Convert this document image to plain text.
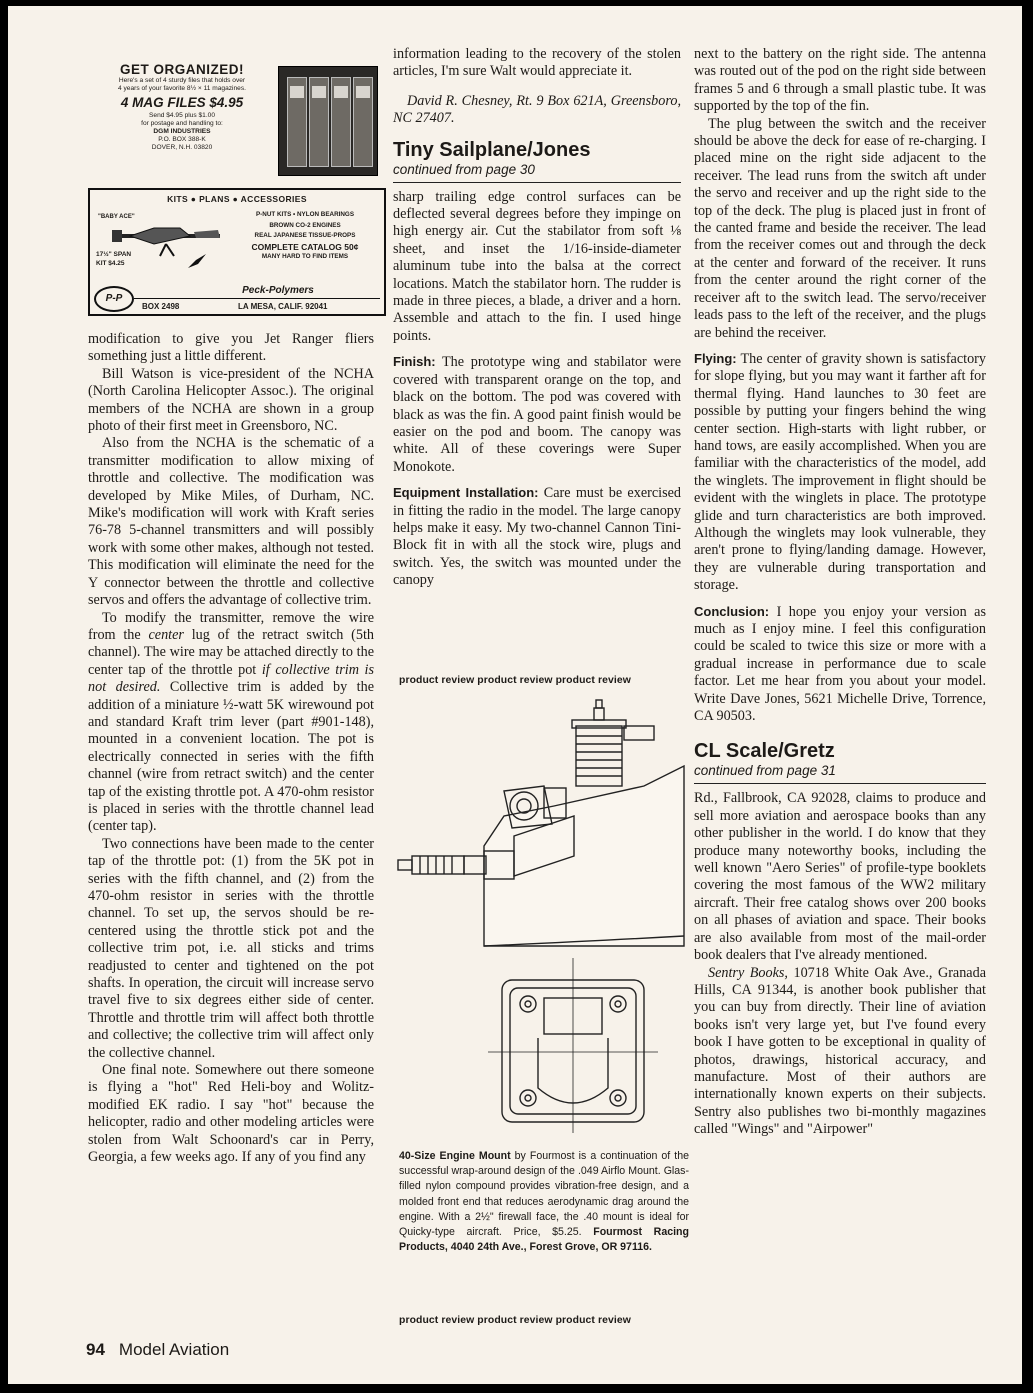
GET ORGANIZED!
Here's a set of 4 sturdy files that holds over
4 years of your favorite 8½ × 11 magazines.
4 MAG FILES $4.95
Send $4.95 plus $1.00
for postage and handling to:
DGM INDUSTRIES
P.O. BOX 388-K
DOVER, N.H. 03820
KITS ● PLANS ● ACCESSORIES
"BABY ACE"
17½" SPAN
KIT $4.25
P-NUT KITS • NYLON BEARINGS
BROWN CO-2 ENGINES
REAL JAPANESE TISSUE-PROPS
COMPLETE CATALOG 50¢
MANY HARD TO FIND ITEMS
P-P
Peck-Polymers
BOX 2498	LA MESA, CALIF. 92041

modification to give you Jet Ranger fliers something just a little different.

Bill Watson is vice-president of the NCHA (North Carolina Helicopter Assoc.). The original members of the NCHA are shown in a group photo of their first meet in Greensboro, NC.

Also from the NCHA is the schematic of a transmitter modification to allow mixing of throttle and collective. The modification was developed by Mike Miles, of Durham, NC. Mike's modification will work with Kraft series 76-78 5-channel transmitters and will possibly work with some other makes, although not tested. This modification will eliminate the need for the Y connector between the throttle and collective servos and offers the advantage of collective trim.

To modify the transmitter, remove the wire from the center lug of the retract switch (5th channel). The wire may be attached directly to the center tap of the throttle pot if collective trim is not desired. Collective trim is added by the addition of a miniature ½-watt 5K wirewound pot and standard Kraft trim lever (part #901-148), mounted in a convenient location. The pot is electrically connected in series with the fifth channel (wire from retract switch) and the center tap of the existing throttle pot. A 470-ohm resistor is placed in series with the throttle channel lead (center tap).

Two connections have been made to the center tap of the throttle pot: (1) from the 5K pot in series with the fifth channel, and (2) from the 470-ohm resistor in series with the throttle channel. To set up, the servos should be re-centered using the throttle stick pot and the collective trim pot, i.e. all sticks and trims readjusted to center and tightened on the pot shafts. In operation, the circuit will increase servo travel five to six degrees either side of center. Throttle and throttle trim will affect both throttle and collective; the collective trim will affect only the collective channel.

One final note. Somewhere out there someone is flying a "hot" Red Heli-boy and Wolitz-modified EK radio. I say "hot" because the helicopter, radio and other modeling articles were stolen from Walt Schoonard's car in Perry, Georgia, a few weeks ago. If any of you find any

information leading to the recovery of the stolen articles, I'm sure Walt would appreciate it.

David R. Chesney, Rt. 9 Box 621A, Greensboro, NC 27407.

Tiny Sailplane/Jones
continued from page 30

sharp trailing edge control surfaces can be deflected several degrees before they impinge on high energy air. Cut the stabilator from soft ⅛ sheet, and inset the 1/16-inside-diameter aluminum tube into the balsa at the correct locations. Match the stabilator horn. The rudder is made in three pieces, a blade, a driver and a horn. Assemble and attach to the fin. I used hinge points.

Finish: The prototype wing and stabilator were covered with transparent orange on the top, and black on the bottom. The pod was covered with black as was the fin. A good paint finish would be easier on the pod and boom. The canopy was white. All of these coverings were Super Monokote.

Equipment Installation: Care must be exercised in fitting the radio in the model. The large canopy helps make it easy. My two-channel Cannon Tini-Block fit in with all the stock wire, plugs and switch. Yes, the switch was mounted under the canopy

product review product review product review
40-Size Engine Mount by Fourmost is a continuation of the successful wrap-around design of the .049 Airflo Mount. Glas-filled nylon compound provides vibration-free design, and a molded front end that reduces aerodynamic drag around the engine. With a 2½" firewall face, the .40 mount is ideal for Quicky-type aircraft. Price, $5.25. Fourmost Racing Products, 4040 24th Ave., Forest Grove, OR 97116.
product review product review product review

next to the battery on the right side. The antenna was routed out of the pod on the right side between frames 5 and 6 through a small plastic tube. It was supported by the top of the fin.

The plug between the switch and the receiver should be above the deck for ease of re-charging. I placed mine on the right side adjacent to the receiver. The lead runs from the switch aft under the servo and receiver and up the right side to the top of the deck. The plug is placed just in front of the canted frame and beside the receiver. The lead from the receiver comes out and through the deck at the center and forward of the receiver. It runs from the center around the right corner of the receiver aft to the switch lead. The servo/receiver leads pass to the left of the receiver, and the plugs are behind the receiver.

Flying: The center of gravity shown is satisfactory for slope flying, but you may want it farther aft for thermal flying. Hand launches to 30 feet are possible by putting your fingers behind the wing center section. High-starts with light rubber, or hand tows, are easily accomplished. When you are familiar with the characteristics of the model, add the winglets. The improvement in flight should be evident with the winglets in place. The prototype glide and turn characteristics are both improved. Although the winglets may look vulnerable, they aren't prone to flying/landing damage. However, they are vulnerable during transportation and storage.

Conclusion: I hope you enjoy your version as much as I enjoy mine. I feel this configuration could be scaled to twice this size or more with a gradual increase in performance due to scale factor. Let me hear from you about your model. Write Dave Jones, 5621 Michelle Drive, Torrence, CA 90503.

CL Scale/Gretz
continued from page 31

Rd., Fallbrook, CA 92028, claims to produce and sell more aviation and aerospace books than any other publisher in the world. I do know that they produce many noteworthy books, including the well known "Aero Series" of profile-type booklets covering the most famous of the WW2 military aircraft. Their free catalog shows over 200 books on all phases of aviation and space. Their books are also available from most of the mail-order book dealers that I've already mentioned.

Sentry Books, 10718 White Oak Ave., Granada Hills, CA 91344, is another book publisher that you can buy from directly. Their line of aviation books isn't very large yet, but I've found every book I have gotten to be exceptional in quality of photos, drawings, historical accuracy, and manufacture. Most of their authors are internationally known experts on their subjects. Sentry also publishes two bi-monthly magazines called "Wings" and "Airpower"

94 Model Aviation
